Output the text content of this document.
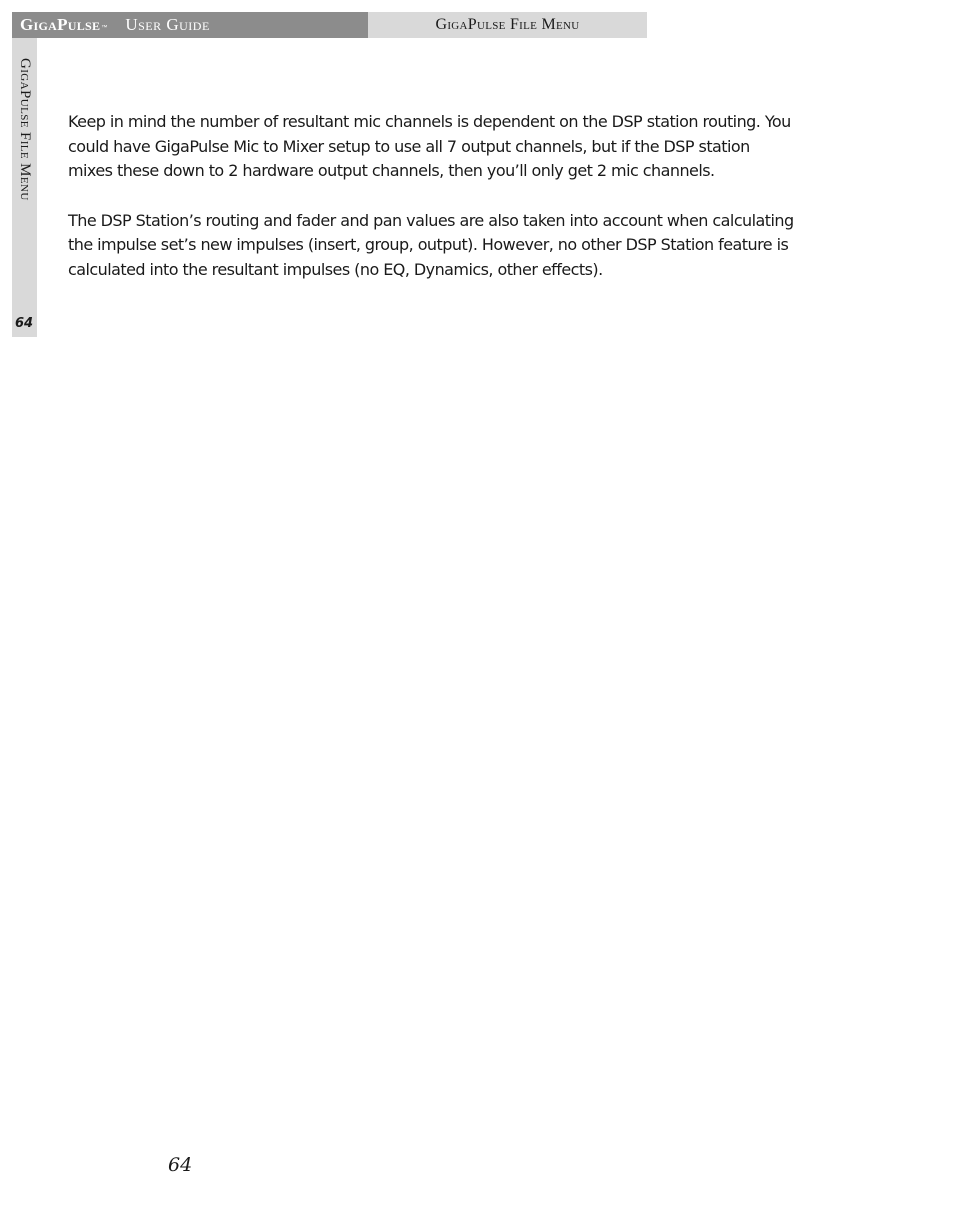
GigaPulse ™ User Guide	GigaPulse File Menu
GigaPulse File Menu
64

Keep in mind the number of resultant mic channels is dependent on the DSP station routing. You could have GigaPulse Mic to Mixer setup to use all 7 output channels, but if the DSP station mixes these down to 2 hardware output channels, then you’ll only get 2 mic channels.

The DSP Station’s routing and fader and pan values are also taken into account when calculating the impulse set’s new impulses (insert, group, output). However, no other DSP Station feature is calculated into the resultant impulses (no EQ, Dynamics, other effects).

64
